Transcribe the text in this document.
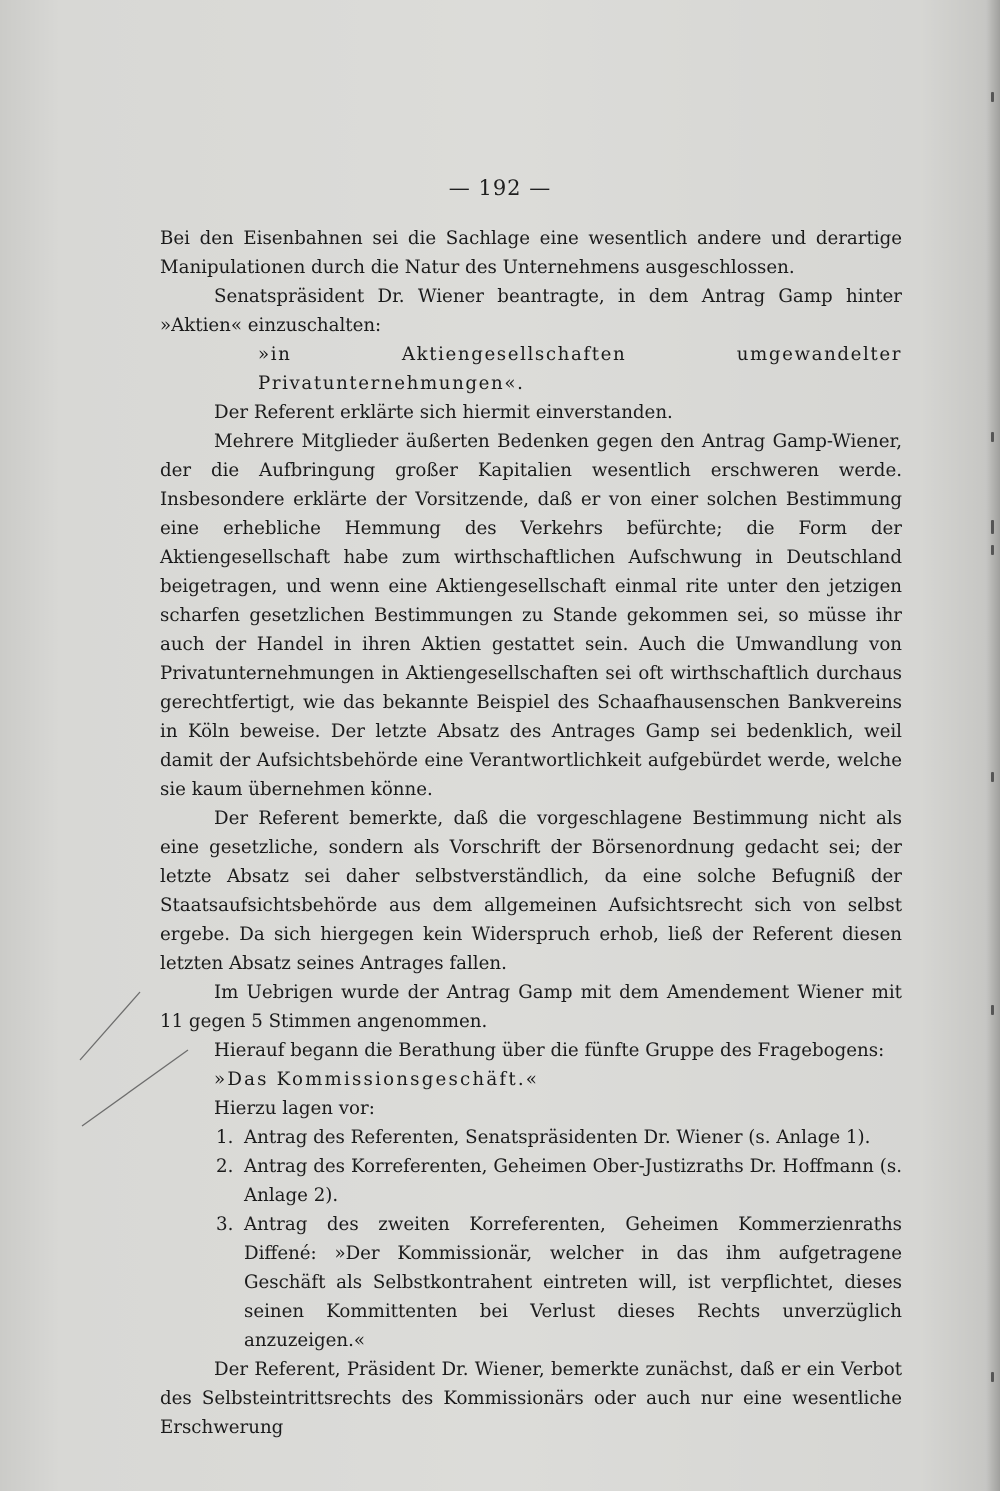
— 192 —

Bei den Eisenbahnen sei die Sachlage eine wesentlich andere und derartige Manipulationen durch die Natur des Unternehmens ausgeschlossen.

Senatspräsident Dr. Wiener beantragte, in dem Antrag Gamp hinter »Aktien« einzuschalten:

»in Aktiengesellschaften umgewandelter Privatunternehmungen«.

Der Referent erklärte sich hiermit einverstanden.

Mehrere Mitglieder äußerten Bedenken gegen den Antrag Gamp-Wiener, der die Aufbringung großer Kapitalien wesentlich erschweren werde. Insbesondere erklärte der Vorsitzende, daß er von einer solchen Bestimmung eine erhebliche Hemmung des Verkehrs befürchte; die Form der Aktiengesellschaft habe zum wirthschaftlichen Aufschwung in Deutschland beigetragen, und wenn eine Aktiengesellschaft einmal rite unter den jetzigen scharfen gesetzlichen Bestimmungen zu Stande gekommen sei, so müsse ihr auch der Handel in ihren Aktien gestattet sein. Auch die Umwandlung von Privatunternehmungen in Aktiengesellschaften sei oft wirthschaftlich durchaus gerechtfertigt, wie das bekannte Beispiel des Schaafhausenschen Bankvereins in Köln beweise. Der letzte Absatz des Antrages Gamp sei bedenklich, weil damit der Aufsichtsbehörde eine Verantwortlichkeit aufgebürdet werde, welche sie kaum übernehmen könne.

Der Referent bemerkte, daß die vorgeschlagene Bestimmung nicht als eine gesetzliche, sondern als Vorschrift der Börsenordnung gedacht sei; der letzte Absatz sei daher selbstverständlich, da eine solche Befugniß der Staatsaufsichtsbehörde aus dem allgemeinen Aufsichtsrecht sich von selbst ergebe. Da sich hiergegen kein Widerspruch erhob, ließ der Referent diesen letzten Absatz seines Antrages fallen.

Im Uebrigen wurde der Antrag Gamp mit dem Amendement Wiener mit 11 gegen 5 Stimmen angenommen.

Hierauf begann die Berathung über die fünfte Gruppe des Fragebogens:

»Das Kommissionsgeschäft.«

Hierzu lagen vor:

1. Antrag des Referenten, Senatspräsidenten Dr. Wiener (s. Anlage 1).
2. Antrag des Korreferenten, Geheimen Ober-Justizraths Dr. Hoffmann (s. Anlage 2).
3. Antrag des zweiten Korreferenten, Geheimen Kommerzienraths Diffené: »Der Kommissionär, welcher in das ihm aufgetragene Geschäft als Selbstkontrahent eintreten will, ist verpflichtet, dieses seinen Kommittenten bei Verlust dieses Rechts unverzüglich anzuzeigen.«

Der Referent, Präsident Dr. Wiener, bemerkte zunächst, daß er ein Verbot des Selbsteintrittsrechts des Kommissionärs oder auch nur eine wesentliche Erschwerung
